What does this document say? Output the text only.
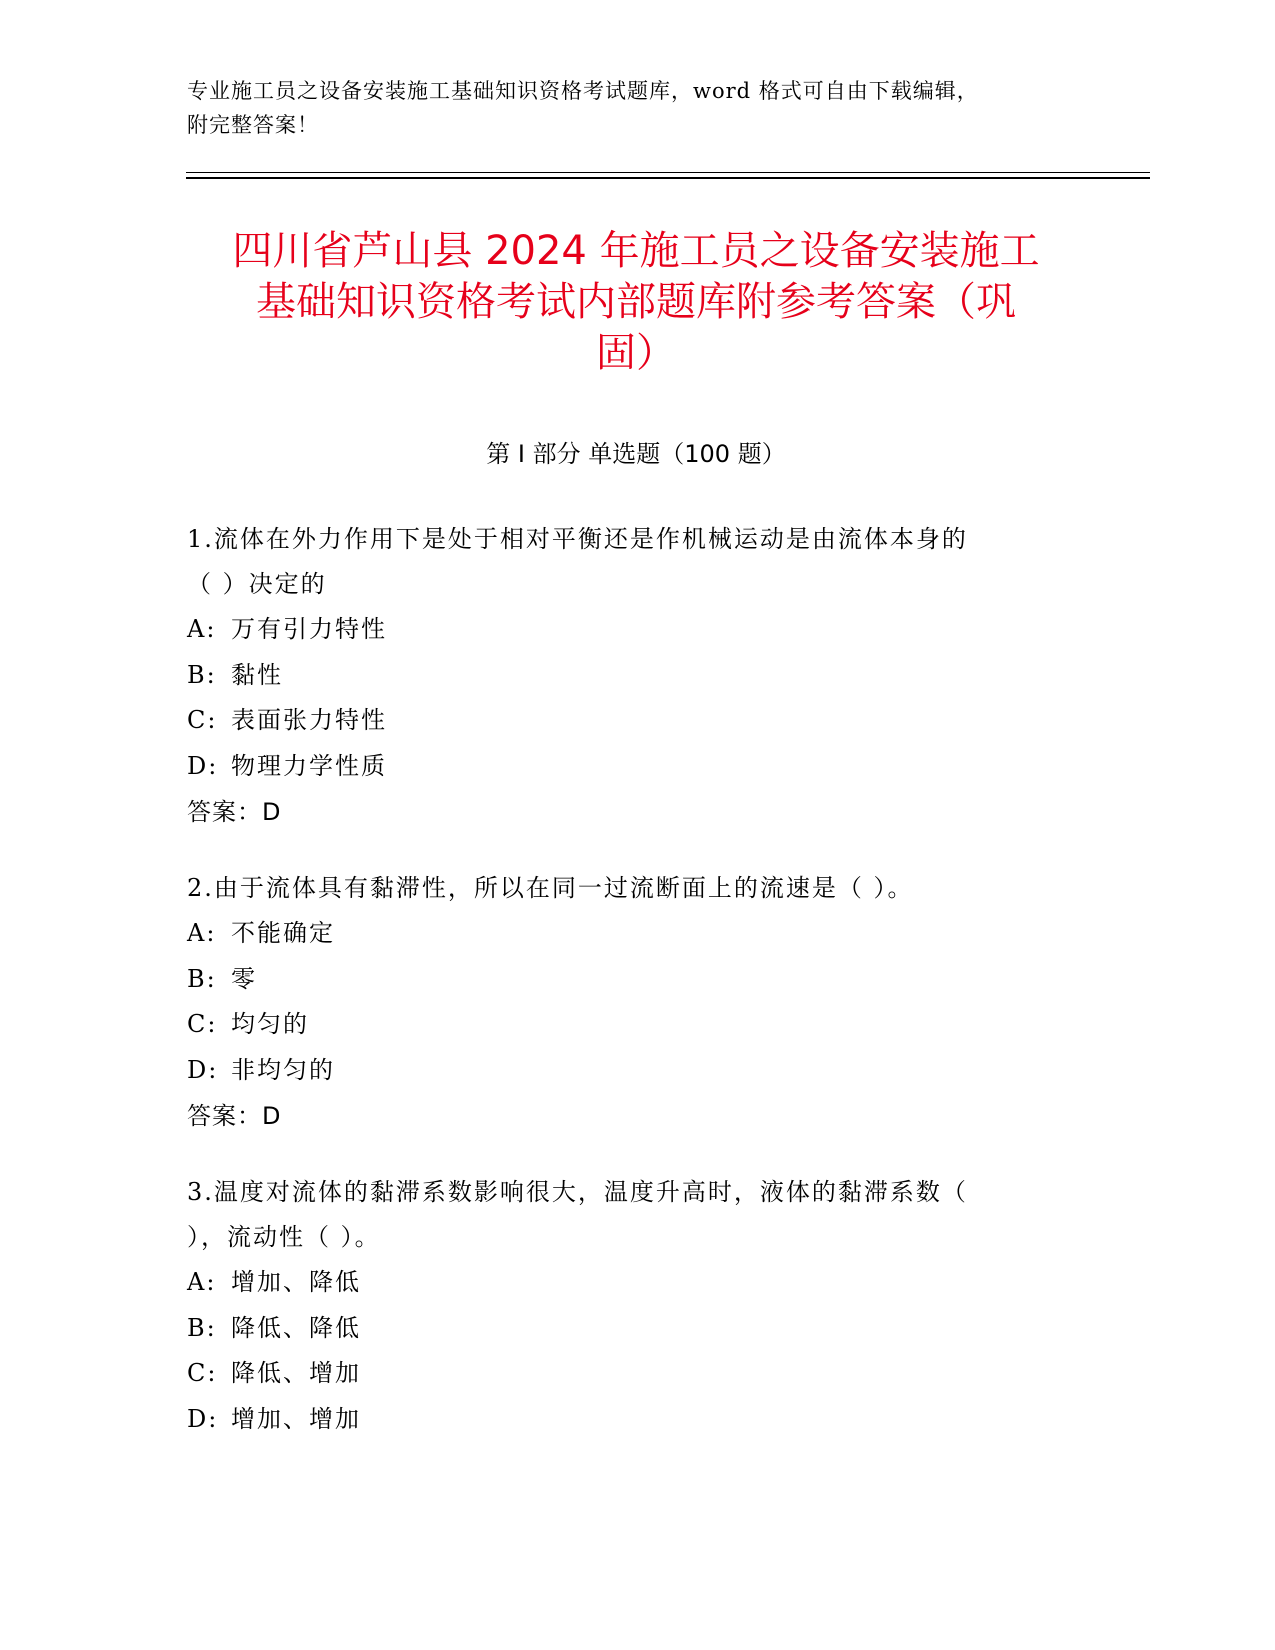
专业施工员之设备安装施工基础知识资格考试题库，word 格式可自由下载编辑，
附完整答案！
四川省芦山县 2024 年施工员之设备安装施工
基础知识资格考试内部题库附参考答案（巩
固）
第 I 部分 单选题（100 题）
1.流体在外力作用下是处于相对平衡还是作机械运动是由流体本身的
（ ）决定的
A: 万有引力特性
B: 黏性
C: 表面张力特性
D: 物理力学性质
答案：D
2.由于流体具有黏滞性，所以在同一过流断面上的流速是（ ）。
A: 不能确定
B: 零
C: 均匀的
D: 非均匀的
答案：D
3.温度对流体的黏滞系数影响很大，温度升高时，液体的黏滞系数（
），流动性（ ）。
A: 增加、降低
B: 降低、降低
C: 降低、增加
D: 增加、增加
